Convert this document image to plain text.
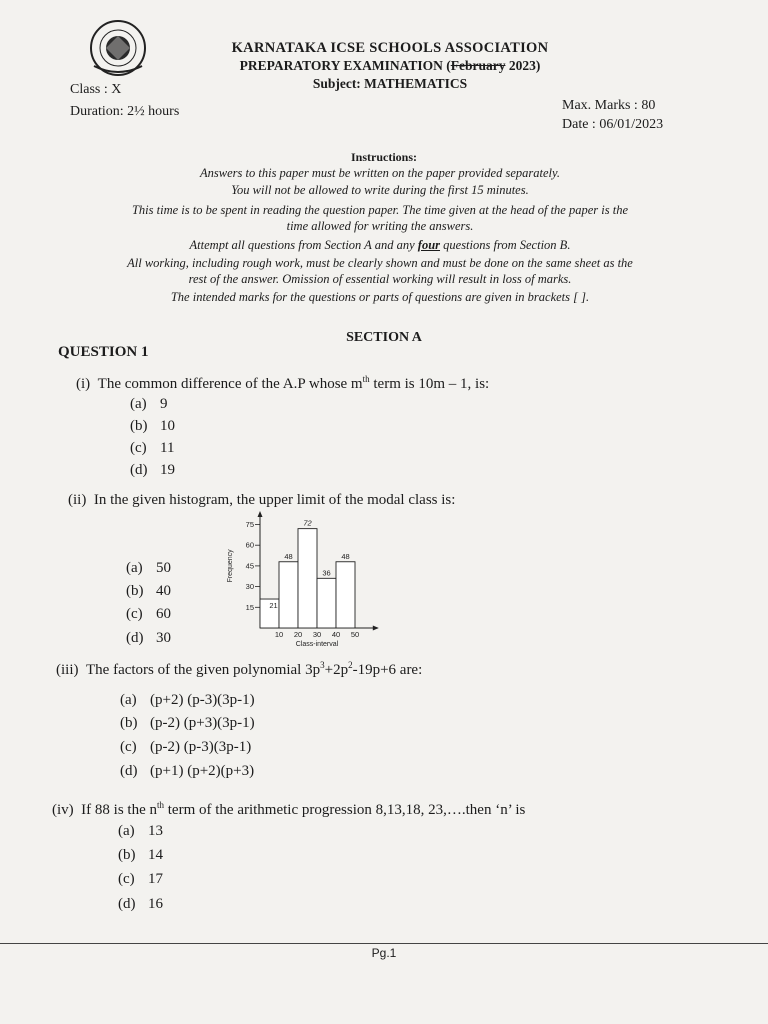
KARNATAKA ICSE SCHOOLS ASSOCIATION
PREPARATORY EXAMINATION (February 2023)
Subject: MATHEMATICS
Class : X
Duration: 2½ hours	Max. Marks : 80
Date : 06/01/2023
Instructions:
Answers to this paper must be written on the paper provided separately.
You will not be allowed to write during the first 15 minutes.
This time is to be spent in reading the question paper. The time given at the head of the paper is the
time allowed for writing the answers.
Attempt all questions from Section A and any four questions from Section B.
All working, including rough work, must be clearly shown and must be done on the same sheet as the
rest of the answer. Omission of essential working will result in loss of marks.
The intended marks for the questions or parts of questions are given in brackets [ ].
SECTION A
QUESTION 1
(i) The common difference of the A.P whose $m^{th}$ term is 10m – 1, is:
(a) 9
(b) 10
(c) 11
(d) 19
(ii) In the given histogram, the upper limit of the modal class is:
(a) 50
(b) 40
(c) 60
(d) 30
15
30
45
60
75
21
48
72
36
48
10 20 30 40 50
Class-interval
Frequency
(iii) The factors of the given polynomial $3p^3+2p^2-19p+6$ are:
(a) (p+2) (p-3)(3p-1)
(b) (p-2) (p+3)(3p-1)
(c) (p-2) (p-3)(3p-1)
(d) (p+1) (p+2)(p+3)
(iv) If 88 is the $n^{th}$ term of the arithmetic progression 8,13,18, 23,….then ‘n’ is
(a) 13
(b) 14
(c) 17
(d) 16
Pg.1
